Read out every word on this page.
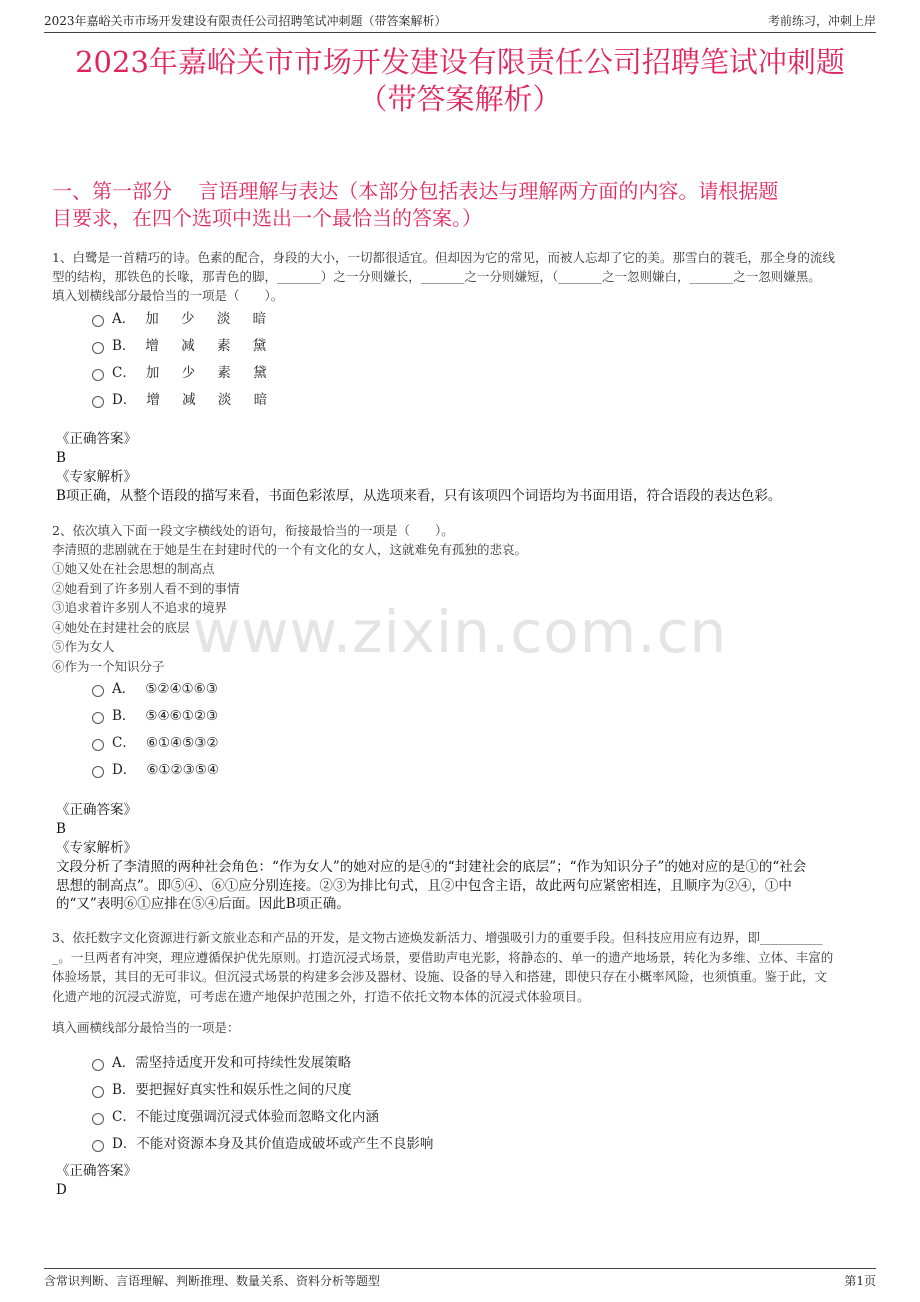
2023年嘉峪关市市场开发建设有限责任公司招聘笔试冲刺题（带答案解析）	考前练习，冲刺上岸
2023年嘉峪关市市场开发建设有限责任公司招聘笔试冲刺题
（带答案解析）
一、第一部分　 言语理解与表达（本部分包括表达与理解两方面的内容。请根据题
目要求，在四个选项中选出一个最恰当的答案。）
www.zixin.com.cn
1、白鹭是一首精巧的诗。色素的配合，身段的大小，一切都很适宜。但却因为它的常见，而被人忘却了它的美。那雪白的蓑毛，那全身的流线
型的结构，那铁色的长喙，那青色的脚，_______）之一分则嫌长，_______之一分则嫌短，（_______之一忽则嫌白，_______之一忽则嫌黑。
填入划横线部分最恰当的一项是（　　）。
A． 加 少 淡 暗
B． 增 减 素 黛
C． 加 少 素 黛
D． 增 减 淡 暗
《正确答案》
B
《专家解析》
B项正确，从整个语段的描写来看，书面色彩浓厚，从选项来看，只有该项四个词语均为书面用语，符合语段的表达色彩。
2、依次填入下面一段文字横线处的语句，衔接最恰当的一项是（　　）。
李清照的悲剧就在于她是生在封建时代的一个有文化的女人，这就难免有孤独的悲哀。
①她又处在社会思想的制高点
②她看到了许多别人看不到的事情
③追求着许多别人不追求的境界
④她处在封建社会的底层
⑤作为女人
⑥作为一个知识分子
A． ⑤②④①⑥③
B． ⑤④⑥①②③
C． ⑥①④⑤③②
D． ⑥①②③⑤④
《正确答案》
B
《专家解析》
文段分析了李清照的两种社会角色：“作为女人”的她对应的是④的“封建社会的底层”；“作为知识分子”的她对应的是①的“社会
思想的制高点”。即⑤④、⑥①应分别连接。②③为排比句式，且②中包含主语，故此两句应紧密相连，且顺序为②④，①中
的“又”表明⑥①应排在⑤④后面。因此B项正确。
3、依托数字文化资源进行新文旅业态和产品的开发，是文物古迹焕发新活力、增强吸引力的重要手段。但科技应用应有边界，即__________
_。一旦两者有冲突，理应遵循保护优先原则。打造沉浸式场景，要借助声电光影，将静态的、单一的遗产地场景，转化为多维、立体、丰富的
体验场景，其目的无可非议。但沉浸式场景的构建多会涉及器材、设施、设备的导入和搭建，即使只存在小概率风险，也须慎重。鉴于此，文
化遗产地的沉浸式游览，可考虑在遗产地保护范围之外，打造不依托文物本体的沉浸式体验项目。
填入画横线部分最恰当的一项是：
A． 需坚持适度开发和可持续性发展策略
B． 要把握好真实性和娱乐性之间的尺度
C． 不能过度强调沉浸式体验而忽略文化内涵
D． 不能对资源本身及其价值造成破坏或产生不良影响
《正确答案》
D
含常识判断、言语理解、判断推理、数量关系、资料分析等题型	第1页
